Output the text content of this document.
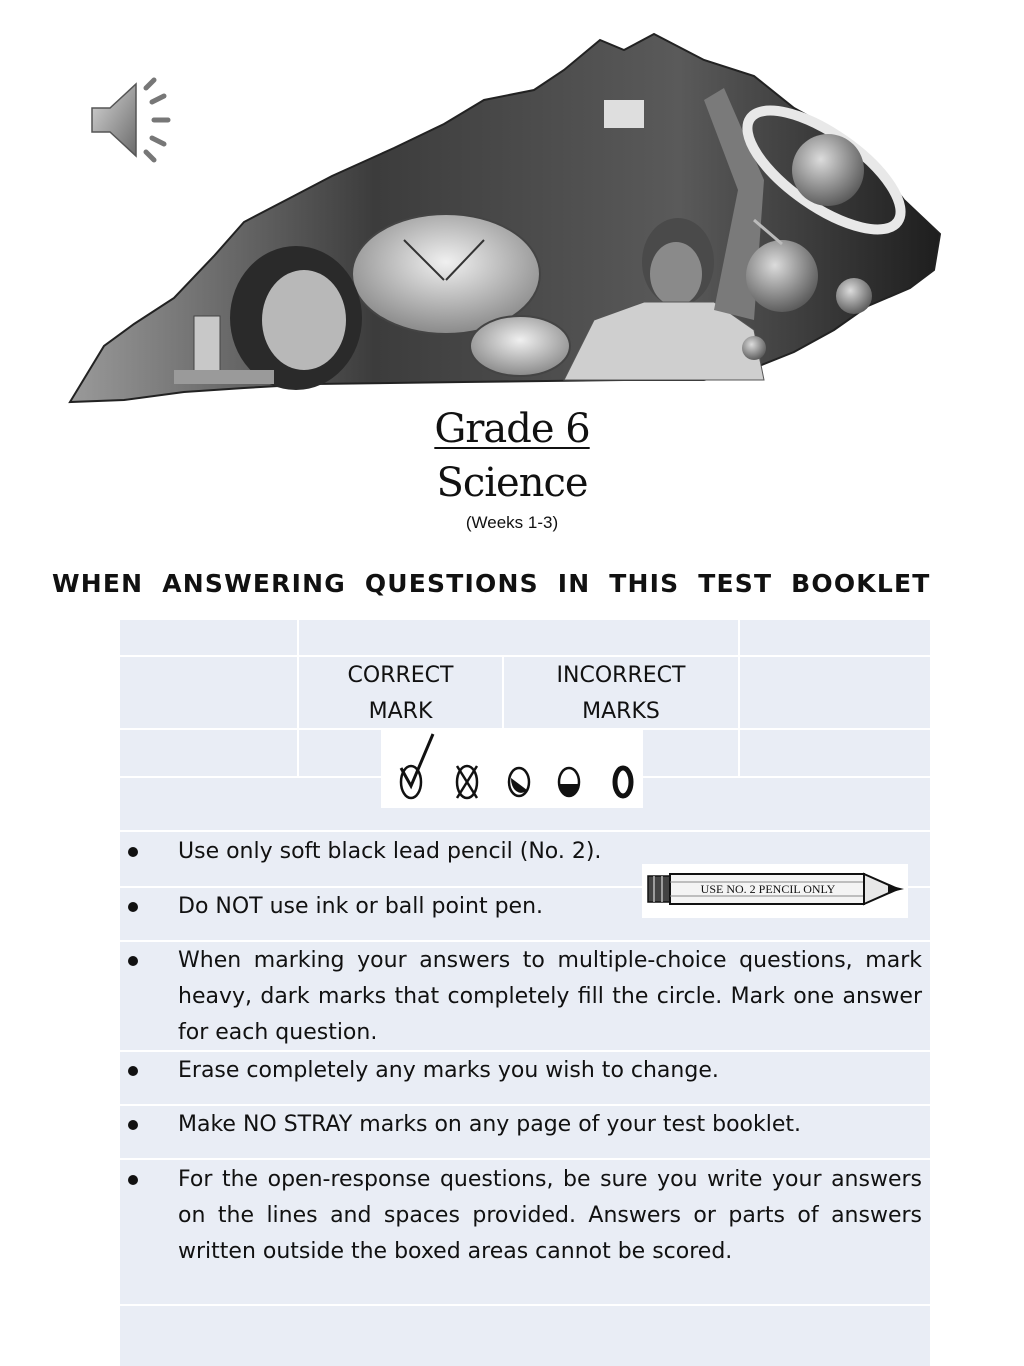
Grade 6
Science
(Weeks 1-3)
WHEN ANSWERING QUESTIONS IN THIS TEST BOOKLET
CORRECT
MARK
INCORRECT
MARKS
Use only soft black lead pencil (No. 2).
Do NOT use ink or ball point pen.
When marking your answers to multiple-choice questions, mark heavy, dark marks that completely fill the circle. Mark one answer for each question.
Erase completely any marks you wish to change.
Make NO STRAY marks on any page of your test booklet.
For the open-response questions, be sure you write your answers on the lines and spaces provided. Answers or parts of answers written outside the boxed areas cannot be scored.
USE NO. 2 PENCIL ONLY
